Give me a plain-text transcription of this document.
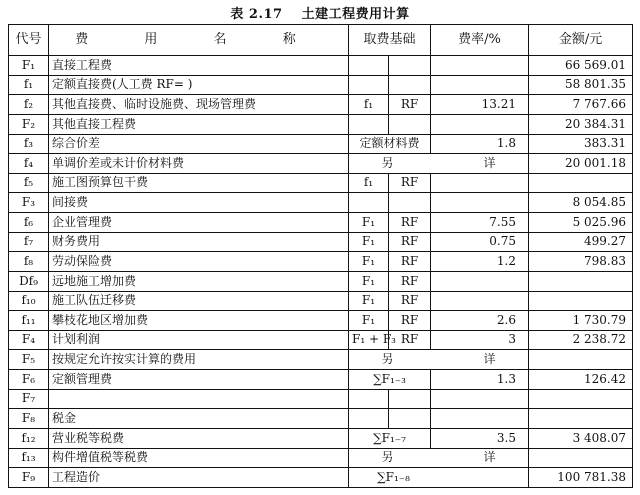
表 2.17 土建工程费用计算
代号	费 用 名 称	取费基础		费率/%	金额/元
F₁	直接工程费				66 569.01
f₁	定额直接费(人工费 RF= )				58 801.35
f₂	其他直接费、临时设施费、现场管理费	f₁	RF	13.21	7 767.66
F₂	其他直接工程费				20 384.31
f₃	综合价差	定额材料费		1.8	383.31
f₄	单调价差或未计价材料费	另 详			20 001.18
f₅	施工图预算包干费	f₁	RF		
F₃	间接费				8 054.85
f₆	企业管理费	F₁	RF	7.55	5 025.96
f₇	财务费用	F₁	RF	0.75	499.27
f₈	劳动保险费	F₁	RF	1.2	798.83
Df₉	远地施工增加费	F₁	RF		
f₁₀	施工队伍迁移费	F₁	RF		
f₁₁	攀枝花地区增加费	F₁	RF	2.6	1 730.79
F₄	计划利润	F₁ + F₃	RF	3	2 238.72
F₅	按规定允许按实计算的费用	另 详			
F₆	定额管理费	∑F₁₋₃		1.3	126.42
F₇					
F₈	税金				
f₁₂	营业税等税费	∑F₁₋₇		3.5	3 408.07
f₁₃	构件增值税等税费	另 详			
F₉	工程造价	∑F₁₋₈			100 781.38
